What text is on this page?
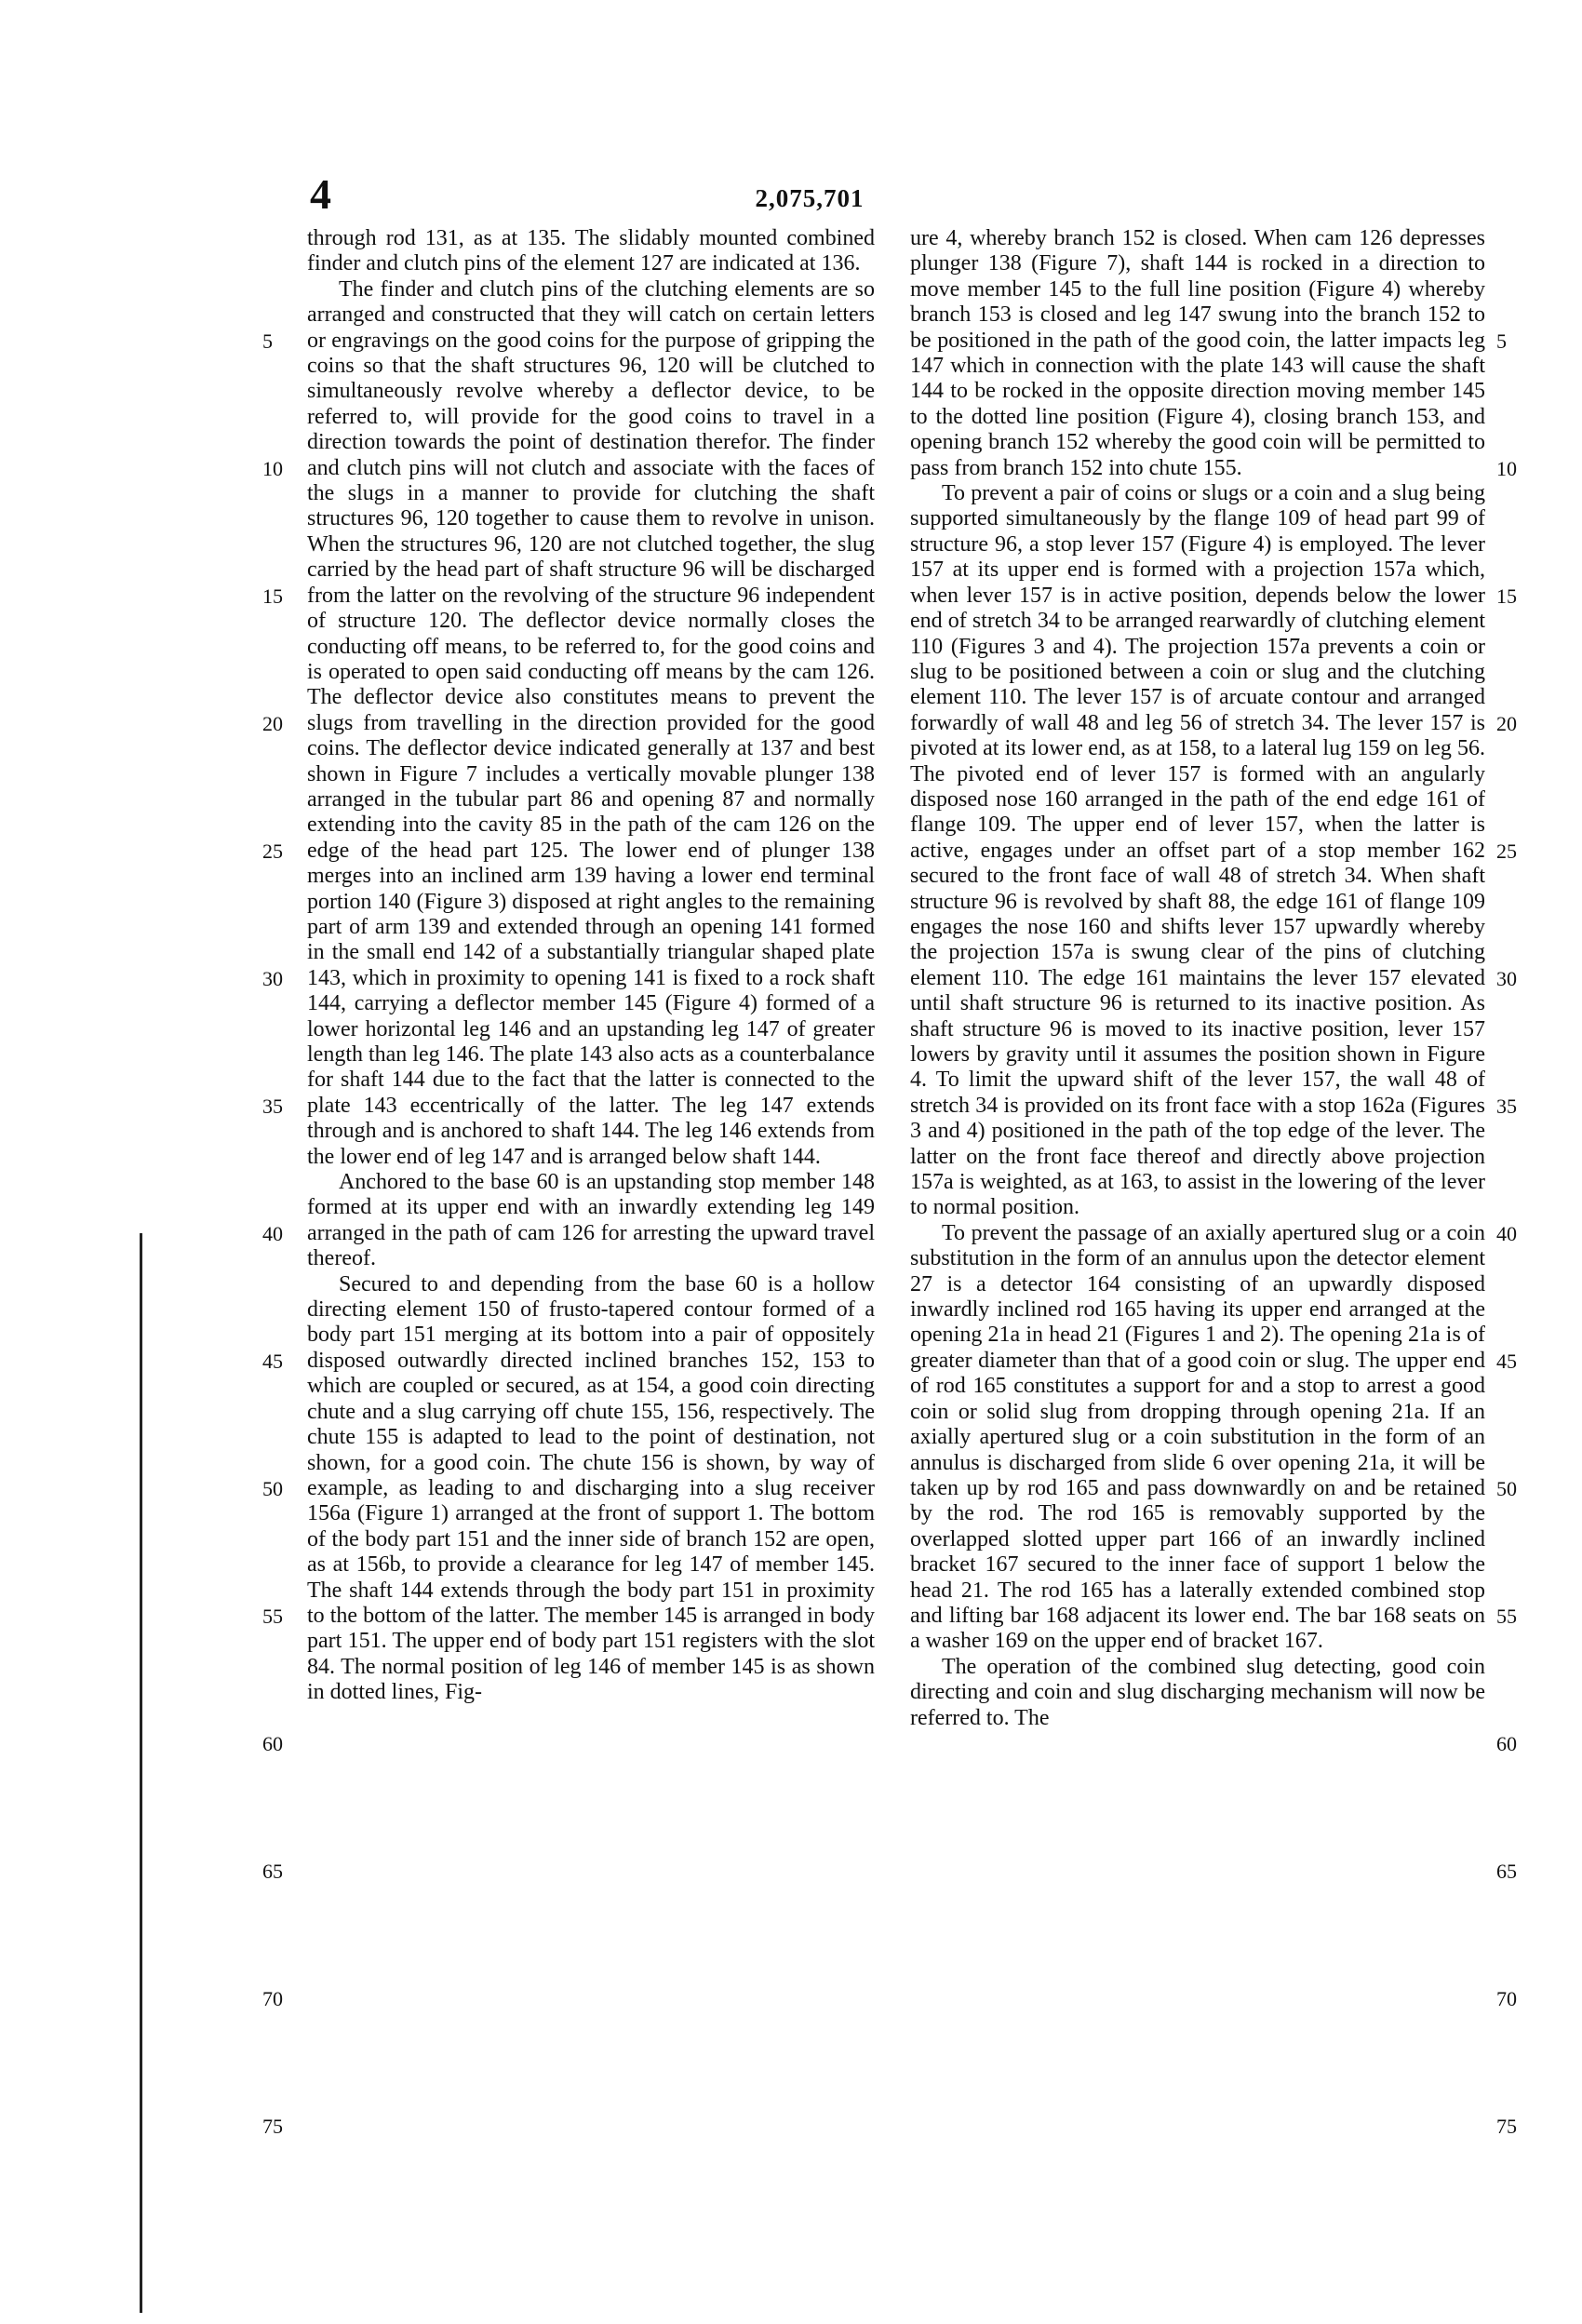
4	2,075,701
5
10
15
20
25
30
35
40
45
50
55
60
65
70
75

through rod 131, as at 135. The slidably mounted combined finder and clutch pins of the element 127 are indicated at 136.

The finder and clutch pins of the clutching elements are so arranged and constructed that they will catch on certain letters or engravings on the good coins for the purpose of gripping the coins so that the shaft structures 96, 120 will be clutched to simultaneously revolve whereby a deflector device, to be referred to, will provide for the good coins to travel in a direction towards the point of destination therefor. The finder and clutch pins will not clutch and associate with the faces of the slugs in a manner to provide for clutching the shaft structures 96, 120 together to cause them to revolve in unison. When the structures 96, 120 are not clutched together, the slug carried by the head part of shaft structure 96 will be discharged from the latter on the revolving of the structure 96 independent of structure 120. The deflector device normally closes the conducting off means, to be referred to, for the good coins and is operated to open said conducting off means by the cam 126. The deflector device also constitutes means to prevent the slugs from travelling in the direction provided for the good coins. The deflector device indicated generally at 137 and best shown in Figure 7 includes a vertically movable plunger 138 arranged in the tubular part 86 and opening 87 and normally extending into the cavity 85 in the path of the cam 126 on the edge of the head part 125. The lower end of plunger 138 merges into an inclined arm 139 having a lower end terminal portion 140 (Figure 3) disposed at right angles to the remaining part of arm 139 and extended through an opening 141 formed in the small end 142 of a substantially triangular shaped plate 143, which in proximity to opening 141 is fixed to a rock shaft 144, carrying a deflector member 145 (Figure 4) formed of a lower horizontal leg 146 and an upstanding leg 147 of greater length than leg 146. The plate 143 also acts as a counterbalance for shaft 144 due to the fact that the latter is connected to the plate 143 eccentrically of the latter. The leg 147 extends through and is anchored to shaft 144. The leg 146 extends from the lower end of leg 147 and is arranged below shaft 144.

Anchored to the base 60 is an upstanding stop member 148 formed at its upper end with an inwardly extending leg 149 arranged in the path of cam 126 for arresting the upward travel thereof.

Secured to and depending from the base 60 is a hollow directing element 150 of frusto-tapered contour formed of a body part 151 merging at its bottom into a pair of oppositely disposed outwardly directed inclined branches 152, 153 to which are coupled or secured, as at 154, a good coin directing chute and a slug carrying off chute 155, 156, respectively. The chute 155 is adapted to lead to the point of destination, not shown, for a good coin. The chute 156 is shown, by way of example, as leading to and discharging into a slug receiver 156a (Figure 1) arranged at the front of support 1. The bottom of the body part 151 and the inner side of branch 152 are open, as at 156b, to provide a clearance for leg 147 of member 145. The shaft 144 extends through the body part 151 in proximity to the bottom of the latter. The member 145 is arranged in body part 151. The upper end of body part 151 registers with the slot 84. The normal position of leg 146 of member 145 is as shown in dotted lines, Fig-

ure 4, whereby branch 152 is closed. When cam 126 depresses plunger 138 (Figure 7), shaft 144 is rocked in a direction to move member 145 to the full line position (Figure 4) whereby branch 153 is closed and leg 147 swung into the branch 152 to be positioned in the path of the good coin, the latter impacts leg 147 which in connection with the plate 143 will cause the shaft 144 to be rocked in the opposite direction moving member 145 to the dotted line position (Figure 4), closing branch 153, and opening branch 152 whereby the good coin will be permitted to pass from branch 152 into chute 155.

To prevent a pair of coins or slugs or a coin and a slug being supported simultaneously by the flange 109 of head part 99 of structure 96, a stop lever 157 (Figure 4) is employed. The lever 157 at its upper end is formed with a projection 157a which, when lever 157 is in active position, depends below the lower end of stretch 34 to be arranged rearwardly of clutching element 110 (Figures 3 and 4). The projection 157a prevents a coin or slug to be positioned between a coin or slug and the clutching element 110. The lever 157 is of arcuate contour and arranged forwardly of wall 48 and leg 56 of stretch 34. The lever 157 is pivoted at its lower end, as at 158, to a lateral lug 159 on leg 56. The pivoted end of lever 157 is formed with an angularly disposed nose 160 arranged in the path of the end edge 161 of flange 109. The upper end of lever 157, when the latter is active, engages under an offset part of a stop member 162 secured to the front face of wall 48 of stretch 34. When shaft structure 96 is revolved by shaft 88, the edge 161 of flange 109 engages the nose 160 and shifts lever 157 upwardly whereby the projection 157a is swung clear of the pins of clutching element 110. The edge 161 maintains the lever 157 elevated until shaft structure 96 is returned to its inactive position. As shaft structure 96 is moved to its inactive position, lever 157 lowers by gravity until it assumes the position shown in Figure 4. To limit the upward shift of the lever 157, the wall 48 of stretch 34 is provided on its front face with a stop 162a (Figures 3 and 4) positioned in the path of the top edge of the lever. The latter on the front face thereof and directly above projection 157a is weighted, as at 163, to assist in the lowering of the lever to normal position.

To prevent the passage of an axially apertured slug or a coin substitution in the form of an annulus upon the detector element 27 is a detector 164 consisting of an upwardly disposed inwardly inclined rod 165 having its upper end arranged at the opening 21a in head 21 (Figures 1 and 2). The opening 21a is of greater diameter than that of a good coin or slug. The upper end of rod 165 constitutes a support for and a stop to arrest a good coin or solid slug from dropping through opening 21a. If an axially apertured slug or a coin substitution in the form of an annulus is discharged from slide 6 over opening 21a, it will be taken up by rod 165 and pass downwardly on and be retained by the rod. The rod 165 is removably supported by the overlapped slotted upper part 166 of an inwardly inclined bracket 167 secured to the inner face of support 1 below the head 21. The rod 165 has a laterally extended combined stop and lifting bar 168 adjacent its lower end. The bar 168 seats on a washer 169 on the upper end of bracket 167.

The operation of the combined slug detecting, good coin directing and coin and slug discharging mechanism will now be referred to. The

5
10
15
20
25
30
35
40
45
50
55
60
65
70
75
